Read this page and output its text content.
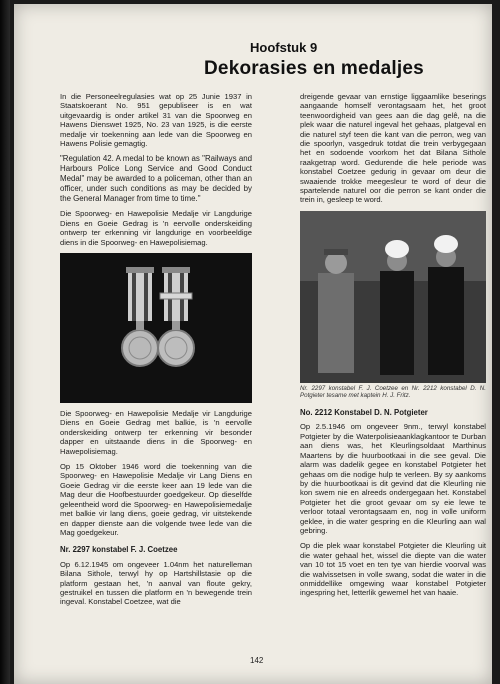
Hoofstuk 9
Dekorasies en medaljes

In die Personeelregulasies wat op 25 Junie 1937 in Staatskoerant No. 951 gepubliseer is en wat uitgevaardig is onder artikel 31 van die Spoorweg en Hawens Dienswet 1925, No. 23 van 1925, is die eerste medalje vir toekenning aan lede van die Spoorweg en Hawens Polisie gemagtig.

"Regulation 42. A medal to be known as "Railways and Harbours Police Long Service and Good Conduct Medal" may be awarded to a policeman, other than an officer, under such conditions as may be decided by the General Manager from time to time."

Die Spoorweg- en Hawepolisie Medalje vir Langdurige Diens en Goeie Gedrag is 'n eervolle onderskeiding ontwerp ter erkenning vir langdurige en voorbeeldige diens in die Spoorweg- en Hawepolisiemag.

Die Spoorweg- en Hawepolisie Medalje vir Langdurige Diens en Goeie Gedrag met balkie, is 'n eervolle onderskeiding ontwerp ter erkenning vir besonder dapper en uitstaande diens in die Spoorweg- en Hawepolisiemag.

Op 15 Oktober 1946 word die toekenning van die Spoorweg- en Hawepolisie Medalje vir Lang Diens en Goeie Gedrag vir die eerste keer aan 19 lede van die Mag deur die Hoofbestuurder goedgekeur. Op dieselfde geleentheid word die Spoorweg- en Hawepolisiemedalje met balkie vir lang diens, goeie gedrag, vir uitstekende en dapper dienste aan die volgende twee lede van die Mag goedgekeur.

Nr. 2297 konstabel F. J. Coetzee

Op 6.12.1945 om ongeveer 1.04nm het naturelleman Bilana Sithole, terwyl hy op Hartshillstasie op die platform gestaan het, 'n aanval van floute gekry, gestruikel en tussen die platform en 'n bewegende trein ingeval. Konstabel Coetzee, wat die

dreigende gevaar van ernstige liggaamlike beserings aangaande homself verontagsaam het, het groot teenwoordigheid van gees aan die dag gelê, na die plek waar die naturel ingeval het gehaas, platgeval en die naturel styf teen die kant van die perron, weg van die spoorlyn, vasgedruk totdat die trein verbygegaan het en sodoende voorkom het dat Bilana Sithole raakgetrap word. Gedurende die hele periode was konstabel Coetzee gedurig in gevaar om deur die swaaiende trokke meegesleur te word of deur die spartelende naturel oor die perron se kant onder die trein in, gesleep te word.

Nr. 2297 konstabel F. J. Coetzee en Nr. 2212 konstabel D. N. Potgieter tesame met kaptein H. J. Fritz.

No. 2212 Konstabel D. N. Potgieter

Op 2.5.1946 om ongeveer 9nm., terwyl konstabel Potgieter by die Waterpolisieaanklagkantoor te Durban aan diens was, het Kleurlingsoldaat Marthinus Maartens by die huurbootkaai in die see geval. Die alarm was dadelik gegee en konstabel Potgieter het gehaas om die nodige hulp te verleen. By sy aankoms by die huurbootkaai is dit gevind dat die Kleurling nie kon swem nie en alreeds ondergegaan het. Konstabel Potgieter het die groot gevaar om sy eie lewe te verloor totaal verontagsaam en, nog in volle uniform geklee, in die water gespring en die Kleurling aan wal gebring.

Op die plek waar konstabel Potgieter die Kleurling uit die water gehaal het, wissel die diepte van die water van 10 tot 15 voet en ten tye van hierdie voorval was die walvissetsen in volle swang, sodat die water in die onmiddellike omgewing waar konstabel Potgieter ingespring het, letterlik gewemel het van haaie.

142
